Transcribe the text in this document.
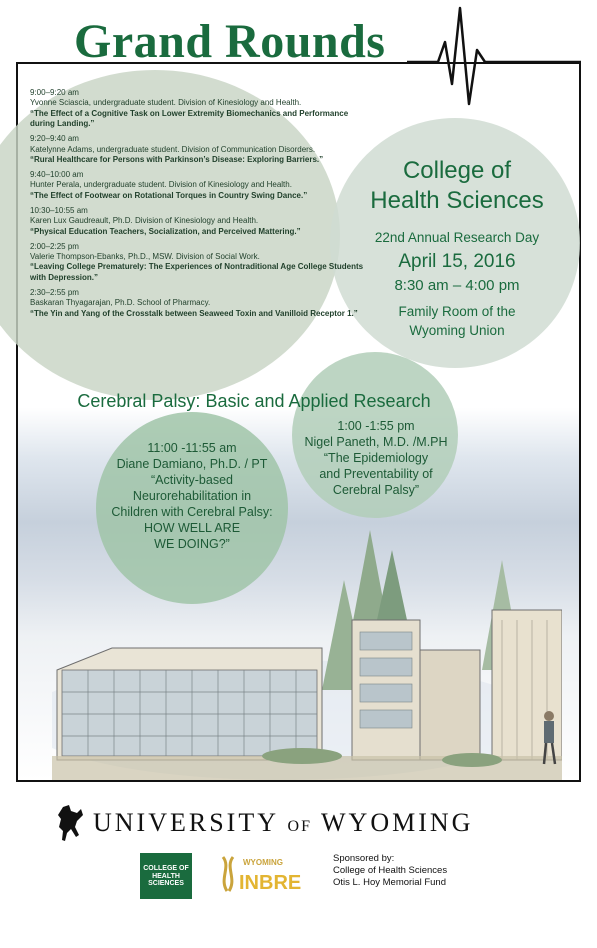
Grand Rounds
9:00–9:20 am
Yvonne Sciascia, undergraduate student. Division of Kinesiology and Health.
“The Effect of a Cognitive Task on Lower Extremity Biomechanics and Performance during Landing.”
9:20–9:40 am
Katelynne Adams, undergraduate student. Division of Communication Disorders.
“Rural Healthcare for Persons with Parkinson’s Disease: Exploring Barriers.”
9:40–10:00 am
Hunter Perala, undergraduate student. Division of Kinesiology and Health.
“The Effect of Footwear on Rotational Torques in Country Swing Dance.”
10:30–10:55 am
Karen Lux Gaudreault, Ph.D. Division of Kinesiology and Health.
“Physical Education Teachers, Socialization, and Perceived Mattering.”
2:00–2:25 pm
Valerie Thompson-Ebanks, Ph.D., MSW. Division of Social Work.
“Leaving College Prematurely: The Experiences of Nontraditional Age College Students with Depression.”
2:30–2:55 pm
Baskaran Thyagarajan, Ph.D. School of Pharmacy.
“The Yin and Yang of the Crosstalk between Seaweed Toxin and Vanilloid Receptor 1.”
College of
Health Sciences
22nd Annual Research Day
April 15, 2016
8:30 am – 4:00 pm
Family Room of the
Wyoming Union
Cerebral Palsy: Basic and Applied Research
1:00 -1:55 pm
Nigel Paneth, M.D. /M.PH
“The Epidemiology
and Preventability of
Cerebral Palsy”
11:00 -11:55 am
Diane Damiano, Ph.D. / PT
“Activity-based
Neurorehabilitation in
Children with Cerebral Palsy:
HOW WELL ARE
WE DOING?”
UNIVERSITY OF WYOMING
COLLEGE OF
HEALTH
SCIENCES
WYOMING
INBRE
Sponsored by:
College of Health Sciences
Otis L. Hoy Memorial Fund
